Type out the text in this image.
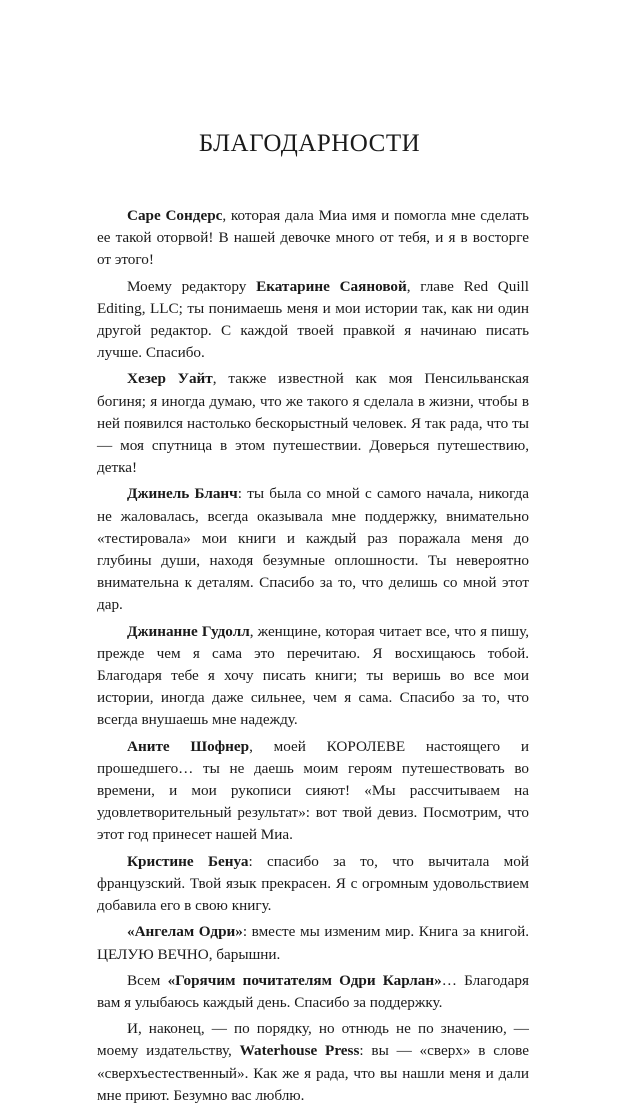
БЛАГОДАРНОСТИ

Саре Сондерс, которая дала Миа имя и помогла мне сделать ее такой оторвой! В нашей девочке много от тебя, и я в восторге от этого!

Моему редактору Екатарине Саяновой, главе Red Quill Editing, LLC; ты понимаешь меня и мои истории так, как ни один другой редактор. С каждой твоей правкой я начинаю писать лучше. Спасибо.

Хезер Уайт, также известной как моя Пенсильванская богиня; я иногда думаю, что же такого я сделала в жизни, чтобы в ней появился настолько бескорыстный человек. Я так рада, что ты — моя спутница в этом путешествии. Доверься путешествию, детка!

Джинель Бланч: ты была со мной с самого начала, никогда не жаловалась, всегда оказывала мне поддержку, внимательно «тестировала» мои книги и каждый раз поражала меня до глубины души, находя безумные оплошности. Ты невероятно внимательна к деталям. Спасибо за то, что делишь со мной этот дар.

Джинанне Гудолл, женщине, которая читает все, что я пишу, прежде чем я сама это перечитаю. Я восхищаюсь тобой. Благодаря тебе я хочу писать книги; ты веришь во все мои истории, иногда даже сильнее, чем я сама. Спасибо за то, что всегда внушаешь мне надежду.

Аните Шофнер, моей КОРОЛЕВЕ настоящего и прошедшего… ты не даешь моим героям путешествовать во времени, и мои рукописи сияют! «Мы рассчитываем на удовлетворительный результат»: вот твой девиз. Посмотрим, что этот год принесет нашей Миа.

Кристине Бенуа: спасибо за то, что вычитала мой французский. Твой язык прекрасен. Я с огромным удовольствием добавила его в свою книгу.

«Ангелам Одри»: вместе мы изменим мир. Книга за книгой. ЦЕЛУЮ ВЕЧНО, барышни.

Всем «Горячим почитателям Одри Карлан»… Благодаря вам я улыбаюсь каждый день. Спасибо за поддержку.

И, наконец, — по порядку, но отнюдь не по значению, — моему издательству, Waterhouse Press: вы — «сверх» в слове «сверхъестественный». Как же я рада, что вы нашли меня и дали мне приют. Безумно вас люблю.
